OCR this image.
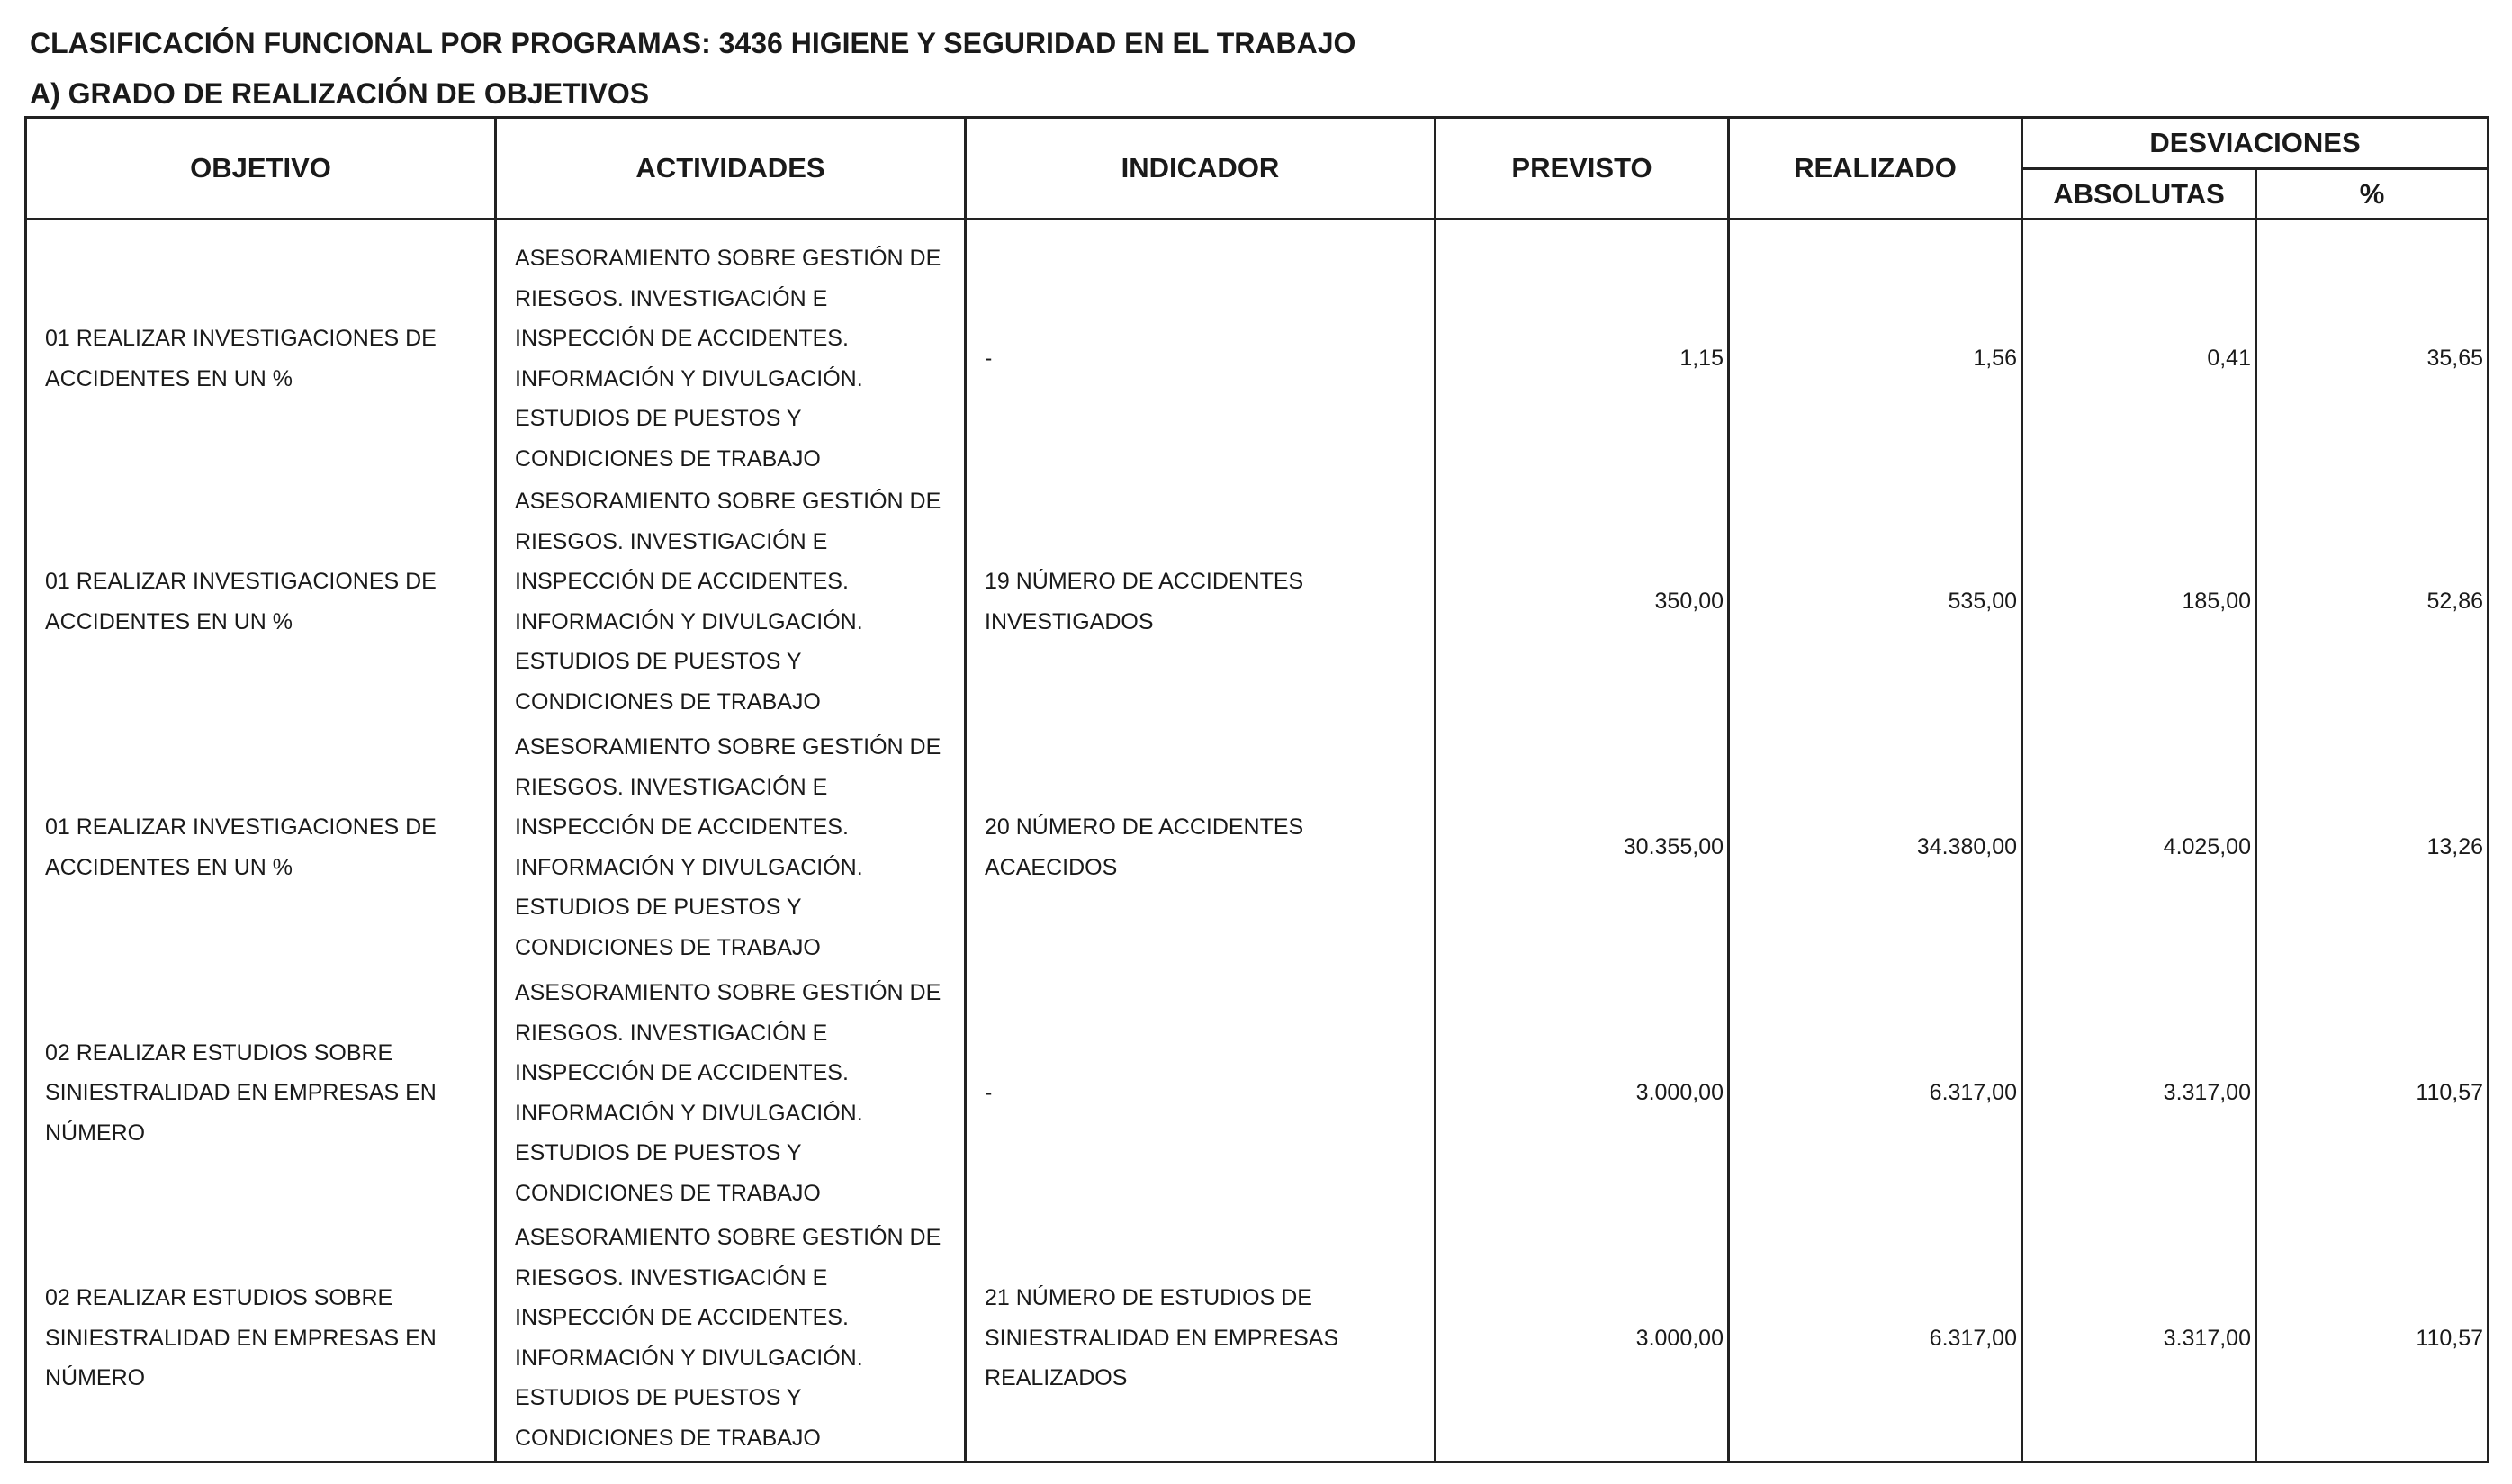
CLASIFICACIÓN FUNCIONAL POR PROGRAMAS: 3436 HIGIENE Y SEGURIDAD EN EL TRABAJO
A) GRADO DE REALIZACIÓN DE OBJETIVOS
OBJETIVO	ACTIVIDADES	INDICADOR	PREVISTO	REALIZADO	DESVIACIONES	
					ABSOLUTAS	%
01 REALIZAR INVESTIGACIONES DE ACCIDENTES EN UN %	ASESORAMIENTO SOBRE GESTIÓN DE RIESGOS. INVESTIGACIÓN E INSPECCIÓN DE ACCIDENTES. INFORMACIÓN Y DIVULGACIÓN. ESTUDIOS DE PUESTOS Y CONDICIONES DE TRABAJO	-	1,15	1,56	0,41	35,65
01 REALIZAR INVESTIGACIONES DE ACCIDENTES EN UN %	ASESORAMIENTO SOBRE GESTIÓN DE RIESGOS. INVESTIGACIÓN E INSPECCIÓN DE ACCIDENTES. INFORMACIÓN Y DIVULGACIÓN. ESTUDIOS DE PUESTOS Y CONDICIONES DE TRABAJO	19 NÚMERO DE ACCIDENTES INVESTIGADOS	350,00	535,00	185,00	52,86
01 REALIZAR INVESTIGACIONES DE ACCIDENTES EN UN %	ASESORAMIENTO SOBRE GESTIÓN DE RIESGOS. INVESTIGACIÓN E INSPECCIÓN DE ACCIDENTES. INFORMACIÓN Y DIVULGACIÓN. ESTUDIOS DE PUESTOS Y CONDICIONES DE TRABAJO	20 NÚMERO DE ACCIDENTES ACAECIDOS	30.355,00	34.380,00	4.025,00	13,26
02 REALIZAR ESTUDIOS SOBRE SINIESTRALIDAD EN EMPRESAS EN NÚMERO	ASESORAMIENTO SOBRE GESTIÓN DE RIESGOS. INVESTIGACIÓN E INSPECCIÓN DE ACCIDENTES. INFORMACIÓN Y DIVULGACIÓN. ESTUDIOS DE PUESTOS Y CONDICIONES DE TRABAJO	-	3.000,00	6.317,00	3.317,00	110,57
02 REALIZAR ESTUDIOS SOBRE SINIESTRALIDAD EN EMPRESAS EN NÚMERO	ASESORAMIENTO SOBRE GESTIÓN DE RIESGOS. INVESTIGACIÓN E INSPECCIÓN DE ACCIDENTES. INFORMACIÓN Y DIVULGACIÓN. ESTUDIOS DE PUESTOS Y CONDICIONES DE TRABAJO	21 NÚMERO DE ESTUDIOS DE SINIESTRALIDAD EN EMPRESAS REALIZADOS	3.000,00	6.317,00	3.317,00	110,57
